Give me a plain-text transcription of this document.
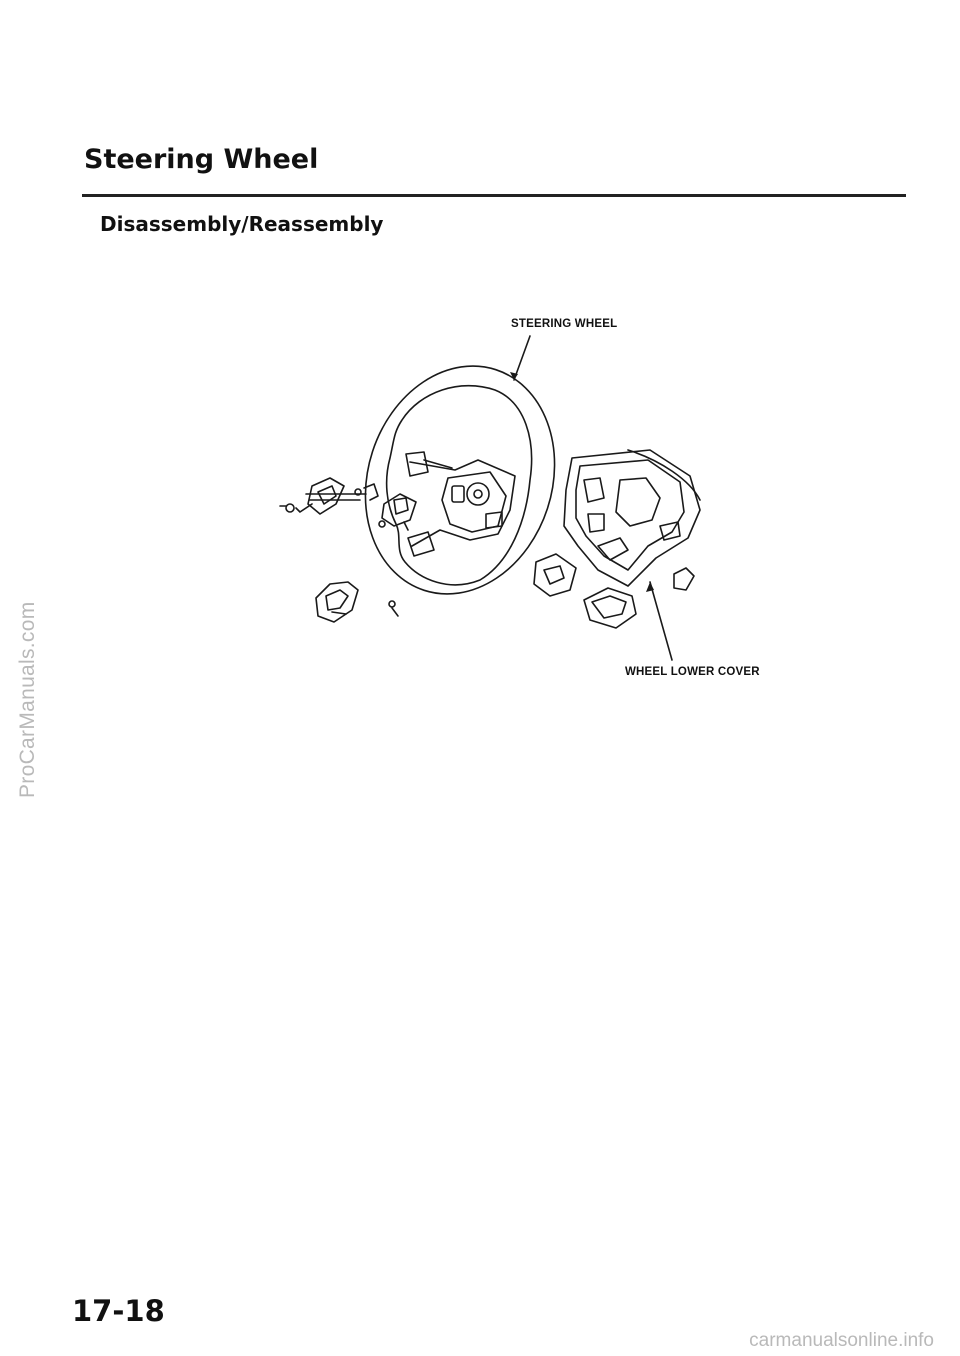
ProCarManuals.com
Steering Wheel
Disassembly/Reassembly
STEERING WHEEL
WHEEL LOWER COVER
17-18
carmanualsonline.info
